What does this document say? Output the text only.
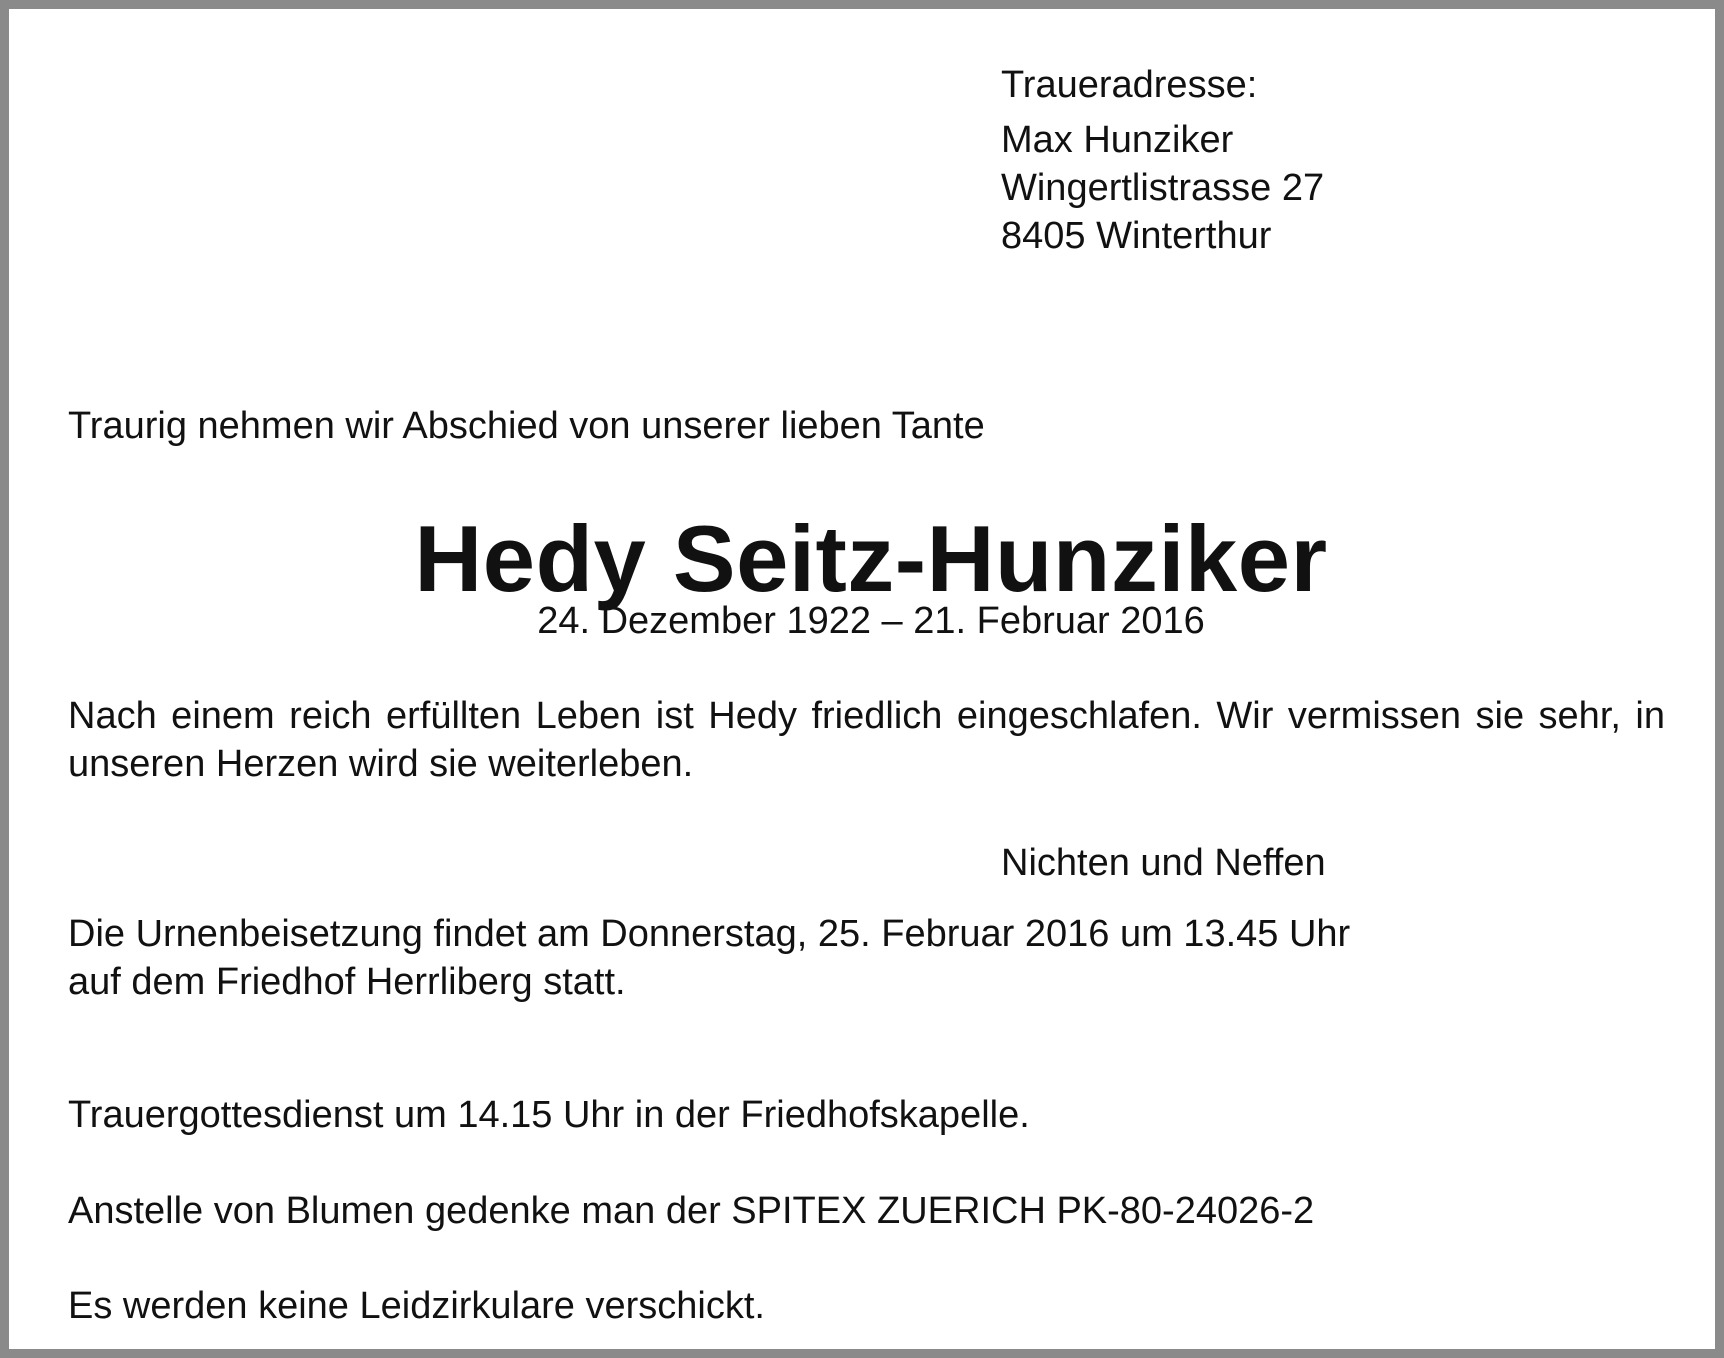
Traueradresse:
Max Hunziker
Wingertlistrasse 27
8405 Winterthur

Traurig nehmen wir Abschied von unserer lieben Tante

Hedy Seitz-Hunziker

24. Dezember 1922 – 21. Februar 2016

Nach einem reich erfüllten Leben ist Hedy friedlich eingeschlafen. Wir vermissen sie sehr, in unseren Herzen wird sie weiterleben.

Nichten und Neffen

Die Urnenbeisetzung findet am Donnerstag, 25. Februar 2016 um 13.45 Uhr
auf dem Friedhof Herrliberg statt.

Trauergottesdienst um 14.15 Uhr in der Friedhofskapelle.

Anstelle von Blumen gedenke man der SPITEX ZUERICH PK-80-24026-2

Es werden keine Leidzirkulare verschickt.
